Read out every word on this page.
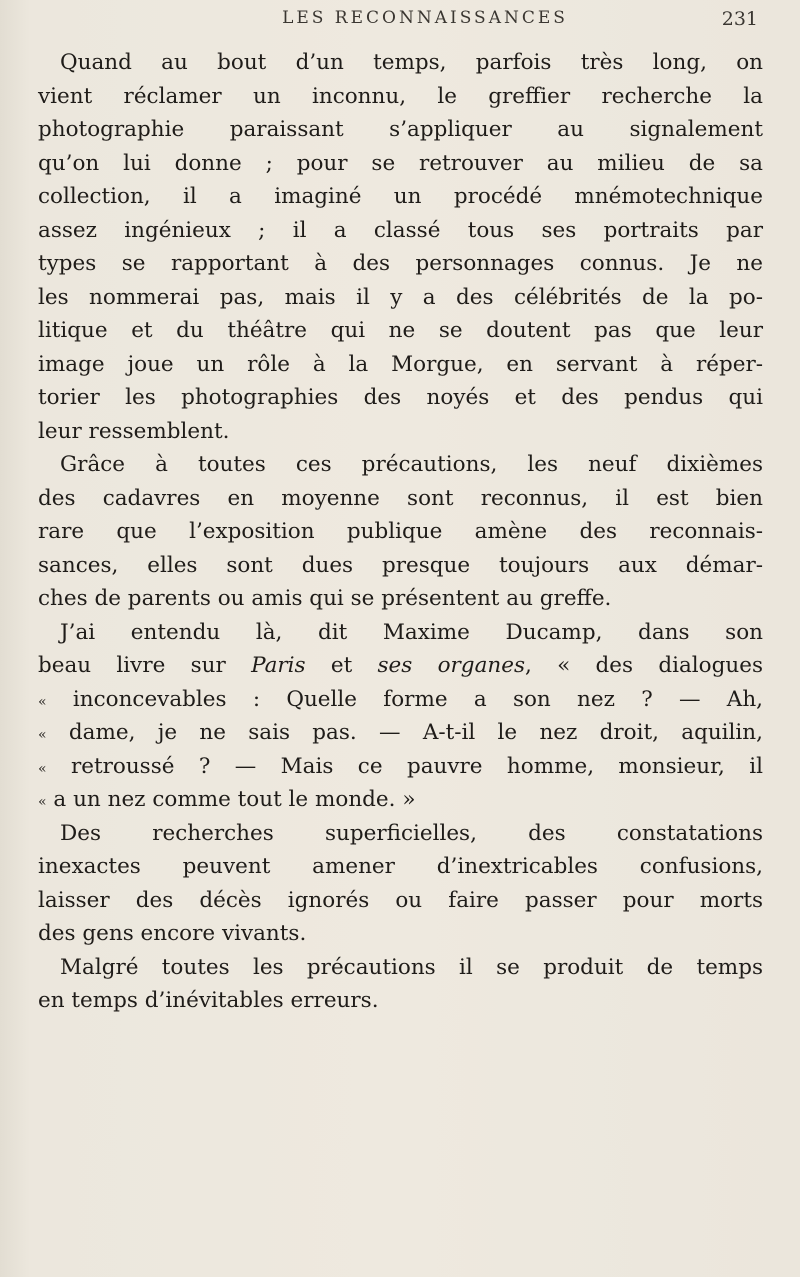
LES RECONNAISSANCES	231
Quand au bout d’un temps, parfois très long, on
vient réclamer un inconnu, le greffier recherche la
photographie paraissant s’appliquer au signalement
qu’on lui donne ; pour se retrouver au milieu de sa
collection, il a imaginé un procédé mnémotechnique
assez ingénieux ; il a classé tous ses portraits par
types se rapportant à des personnages connus. Je ne
les nommerai pas, mais il y a des célébrités de la po-
litique et du théâtre qui ne se doutent pas que leur
image joue un rôle à la Morgue, en servant à réper-
torier les photographies des noyés et des pendus qui
leur ressemblent.
Grâce à toutes ces précautions, les neuf dixièmes
des cadavres en moyenne sont reconnus, il est bien
rare que l’exposition publique amène des reconnais-
sances, elles sont dues presque toujours aux démar-
ches de parents ou amis qui se présentent au greffe.
J’ai entendu là, dit Maxime Ducamp, dans son
beau livre sur Paris et ses organes, « des dialogues
« inconcevables : Quelle forme a son nez ? — Ah,
« dame, je ne sais pas. — A-t-il le nez droit, aquilin,
« retroussé ? — Mais ce pauvre homme, monsieur, il
« a un nez comme tout le monde. »
Des recherches superficielles, des constatations
inexactes peuvent amener d’inextricables confusions,
laisser des décès ignorés ou faire passer pour morts
des gens encore vivants.
Malgré toutes les précautions il se produit de temps
en temps d’inévitables erreurs.
